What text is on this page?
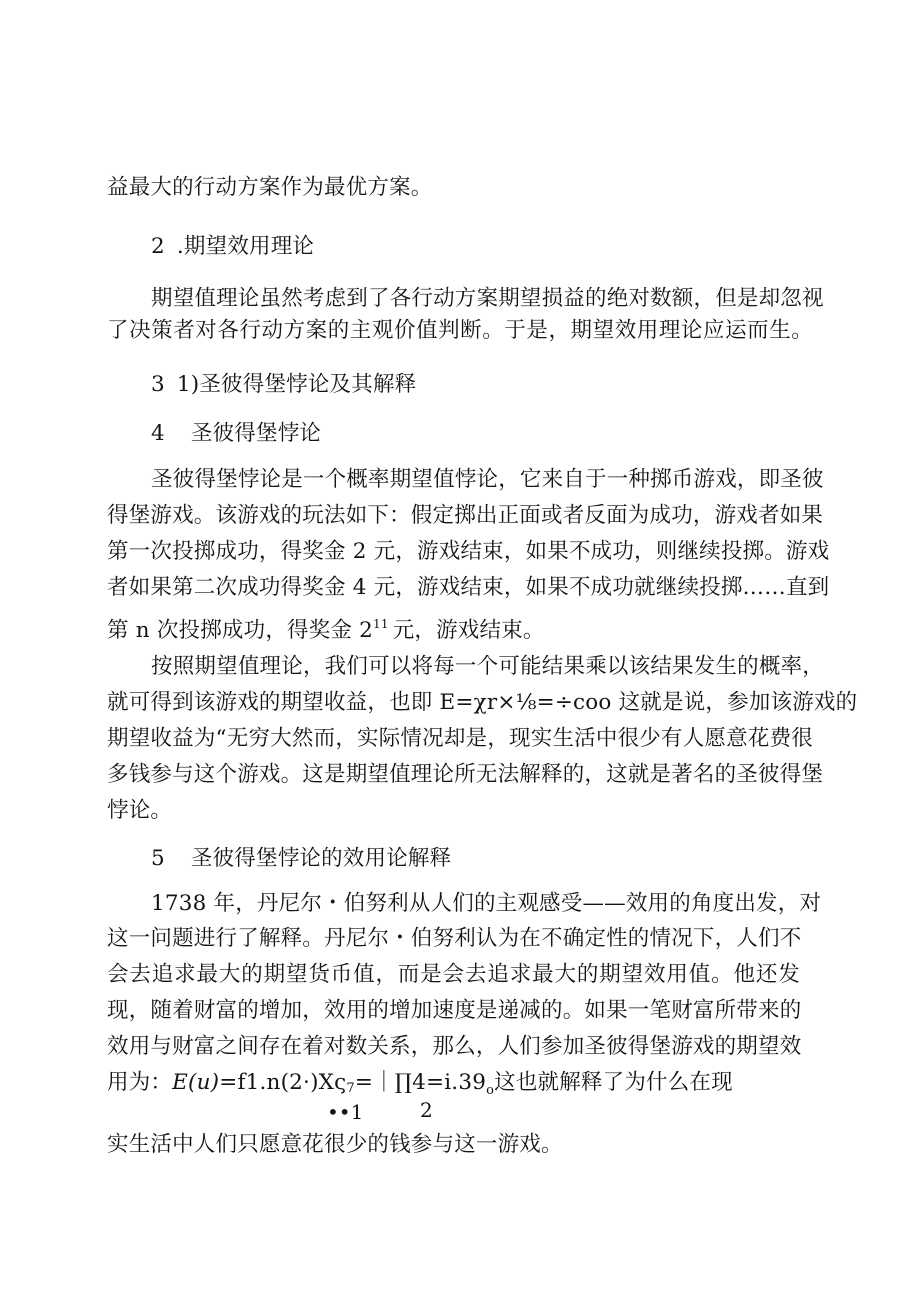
益最大的行动方案作为最优方案。
2 .期望效用理论
期望值理论虽然考虑到了各行动方案期望损益的绝对数额，但是却忽视
了决策者对各行动方案的主观价值判断。于是，期望效用理论应运而生。
3 1)圣彼得堡悖论及其解释
4 圣彼得堡悖论
圣彼得堡悖论是一个概率期望值悖论，它来自于一种掷币游戏，即圣彼
得堡游戏。该游戏的玩法如下：假定掷出正面或者反面为成功，游戏者如果
第一次投掷成功，得奖金 2 元，游戏结束，如果不成功，则继续投掷。游戏
者如果第二次成功得奖金 4 元，游戏结束，如果不成功就继续投掷……直到
第 n 次投掷成功，得奖金 $2^{11}$ 元，游戏结束。
按照期望值理论，我们可以将每一个可能结果乘以该结果发生的概率，
就可得到该游戏的期望收益，也即 E=χr×⅛=÷coo 这就是说，参加该游戏的
期望收益为“无穷大然而，实际情况却是，现实生活中很少有人愿意花费很
多钱参与这个游戏。这是期望值理论所无法解释的，这就是著名的圣彼得堡
悖论。
5 圣彼得堡悖论的效用论解释
1738 年，丹尼尔・伯努利从人们的主观感受——效用的角度出发，对
这一问题进行了解释。丹尼尔・伯努利认为在不确定性的情况下，人们不
会去追求最大的期望货币值，而是会去追求最大的期望效用值。他还发
现，随着财富的增加，效用的增加速度是递减的。如果一笔财富所带来的
效用与财富之间存在着对数关系，那么，人们参加圣彼得堡游戏的期望效
用为：$E(u)=f1.n(2\cdot)X\varsigma 7=|\prod 4=i.39_o$这也就解释了为什么在现
••1	2
实生活中人们只愿意花很少的钱参与这一游戏。
